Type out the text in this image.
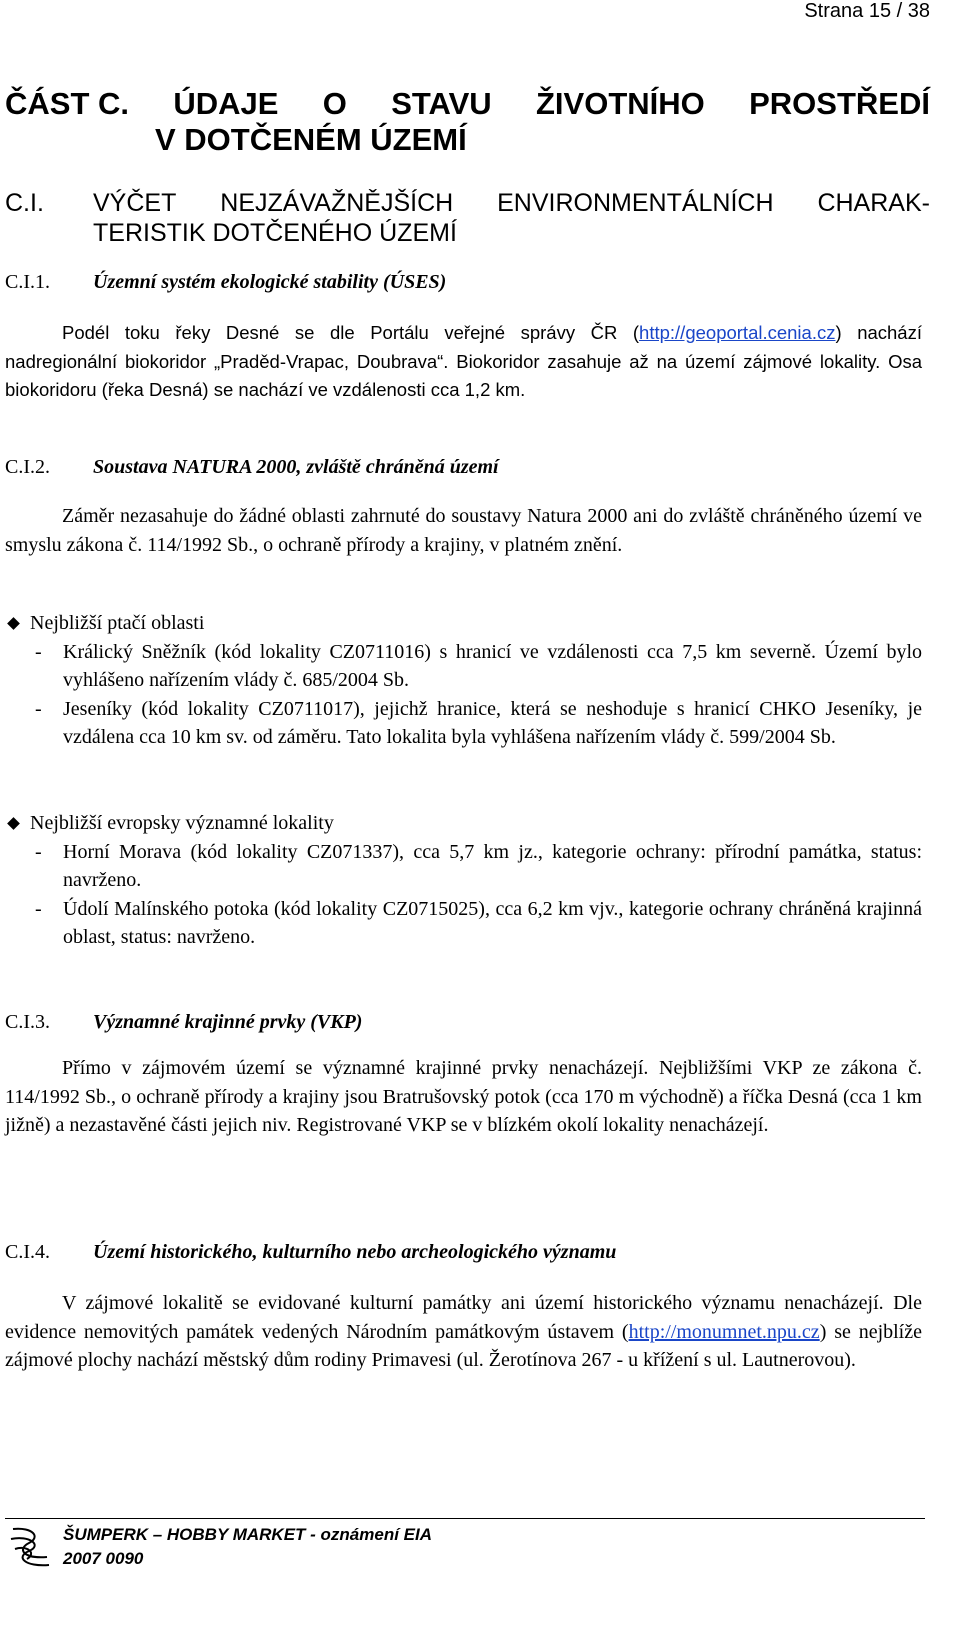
Strana 15 / 38
ČÁST C. ÚDAJE O STAVU ŽIVOTNÍHO PROSTŘEDÍ
V DOTČENÉM ÚZEMÍ
C.I. VÝČET NEJZÁVAŽNĚJŠÍCH ENVIRONMENTÁLNÍCH CHARAK-
TERISTIK DOTČENÉHO ÚZEMÍ
C.I.1. Územní systém ekologické stability (ÚSES)

Podél toku řeky Desné se dle Portálu veřejné správy ČR (http://geoportal.cenia.cz) nachází nadregionální biokoridor „Praděd-Vrapac, Doubrava“. Biokoridor zasahuje až na území zájmové lokality. Osa biokoridoru (řeka Desná) se nachází ve vzdálenosti cca 1,2 km.

C.I.2. Soustava NATURA 2000, zvláště chráněná území

Záměr nezasahuje do žádné oblasti zahrnuté do soustavy Natura 2000 ani do zvláště chráněného území ve smyslu zákona č. 114/1992 Sb., o ochraně přírody a krajiny, v platném znění.

Nejbližší ptačí oblasti
- Králický Sněžník (kód lokality CZ0711016) s hranicí ve vzdálenosti cca 7,5 km severně. Území bylo vyhlášeno nařízením vlády č. 685/2004 Sb.
- Jeseníky (kód lokality CZ0711017), jejichž hranice, která se neshoduje s hranicí CHKO Jeseníky, je vzdálena cca 10 km sv. od záměru. Tato lokalita byla vyhlášena nařízením vlády č. 599/2004 Sb.
Nejbližší evropsky významné lokality
- Horní Morava (kód lokality CZ071337), cca 5,7 km jz., kategorie ochrany: přírodní památka, status: navrženo.
- Údolí Malínského potoka (kód lokality CZ0715025), cca 6,2 km vjv., kategorie ochrany chráněná krajinná oblast, status: navrženo.
C.I.3. Významné krajinné prvky (VKP)

Přímo v zájmovém území se významné krajinné prvky nenacházejí. Nejbližšími VKP ze zákona č. 114/1992 Sb., o ochraně přírody a krajiny jsou Bratrušovský potok (cca 170 m východně) a říčka Desná (cca 1 km jižně) a nezastavěné části jejich niv. Registrované VKP se v blízkém okolí lokality nenacházejí.

C.I.4. Území historického, kulturního nebo archeologického významu

V zájmové lokalitě se evidované kulturní památky ani území historického významu nenacházejí. Dle evidence nemovitých památek vedených Národním památkovým ústavem (http://monumnet.npu.cz) se nejblíže zájmové plochy nachází městský dům rodiny Primavesi (ul. Žerotínova 267 - u křížení s ul. Lautnerovou).

ŠUMPERK – HOBBY MARKET - oznámení EIA
2007 0090
